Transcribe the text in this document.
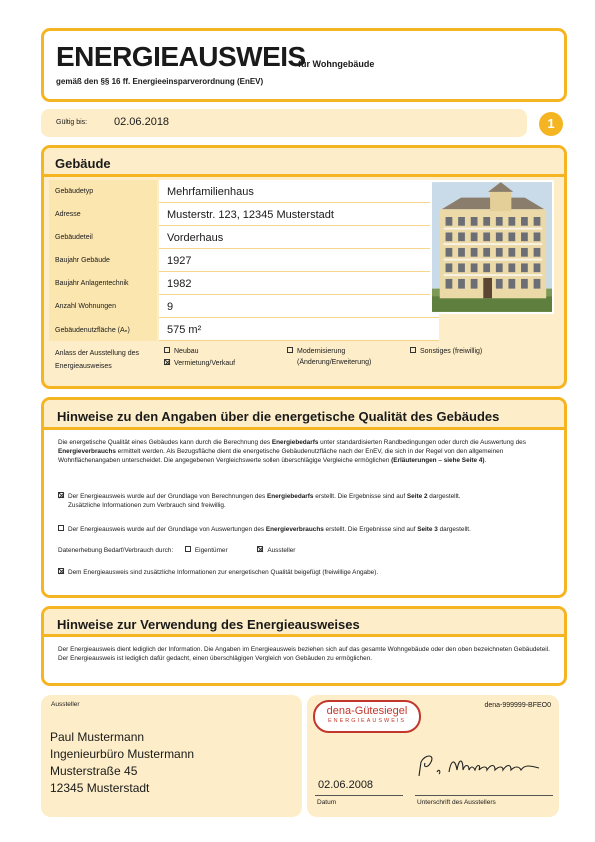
ENERGIEAUSWEIS
für Wohngebäude
gemäß den §§ 16 ff. Energieeinsparverordnung (EnEV)
Gültig bis: 02.06.2018	1
Gebäude
Gebäudetyp	Mehrfamilienhaus
Adresse	Musterstr. 123, 12345 Musterstadt
Gebäudeteil	Vorderhaus
Baujahr Gebäude	1927
Baujahr Anlagentechnik	1982
Anzahl Wohnungen	9
Gebäudenutzfläche (Aₙ)	575 m²
Anlass der Ausstellung des Energieausweises
Neubau
Vermietung/Verkauf
Modernisierung
(Änderung/Erweiterung)
Sonstiges (freiwillig)
Hinweise zu den Angaben über die energetische Qualität des Gebäudes
Die energetische Qualität eines Gebäudes kann durch die Berechnung des Energiebedarfs unter standardisierten Randbedingungen oder durch die Auswertung des Energieverbrauchs ermittelt werden. Als Bezugsfläche dient die energetische Gebäudenutzfläche nach der EnEV, die sich in der Regel von den allgemeinen Wohnflächenangaben unterscheidet. Die angegebenen Vergleichswerte sollen überschlägige Vergleiche ermöglichen (Erläuterungen – siehe Seite 4).
Der Energieausweis wurde auf der Grundlage von Berechnungen des Energiebedarfs erstellt. Die Ergebnisse sind auf Seite 2 dargestellt.
Zusätzliche Informationen zum Verbrauch sind freiwillig.
Der Energieausweis wurde auf der Grundlage von Auswertungen des Energieverbrauchs erstellt. Die Ergebnisse sind auf Seite 3 dargestellt.
Datenerhebung Bedarf/Verbrauch durch:	Eigentümer	Aussteller
Dem Energieausweis sind zusätzliche Informationen zur energetischen Qualität beigefügt (freiwillige Angabe).
Hinweise zur Verwendung des Energieausweises
Der Energieausweis dient lediglich der Information. Die Angaben im Energieausweis beziehen sich auf das gesamte Wohngebäude oder den oben bezeichneten Gebäudeteil. Der Energieausweis ist lediglich dafür gedacht, einen überschlägigen Vergleich von Gebäuden zu ermöglichen.
Aussteller
Paul Mustermann
Ingenieurbüro Mustermann
Musterstraße 45
12345 Musterstadt
dena-Gütesiegel
ENERGIEAUSWEIS
dena-999999-BFEO0
02.06.2008
Datum	Unterschrift des Ausstellers
